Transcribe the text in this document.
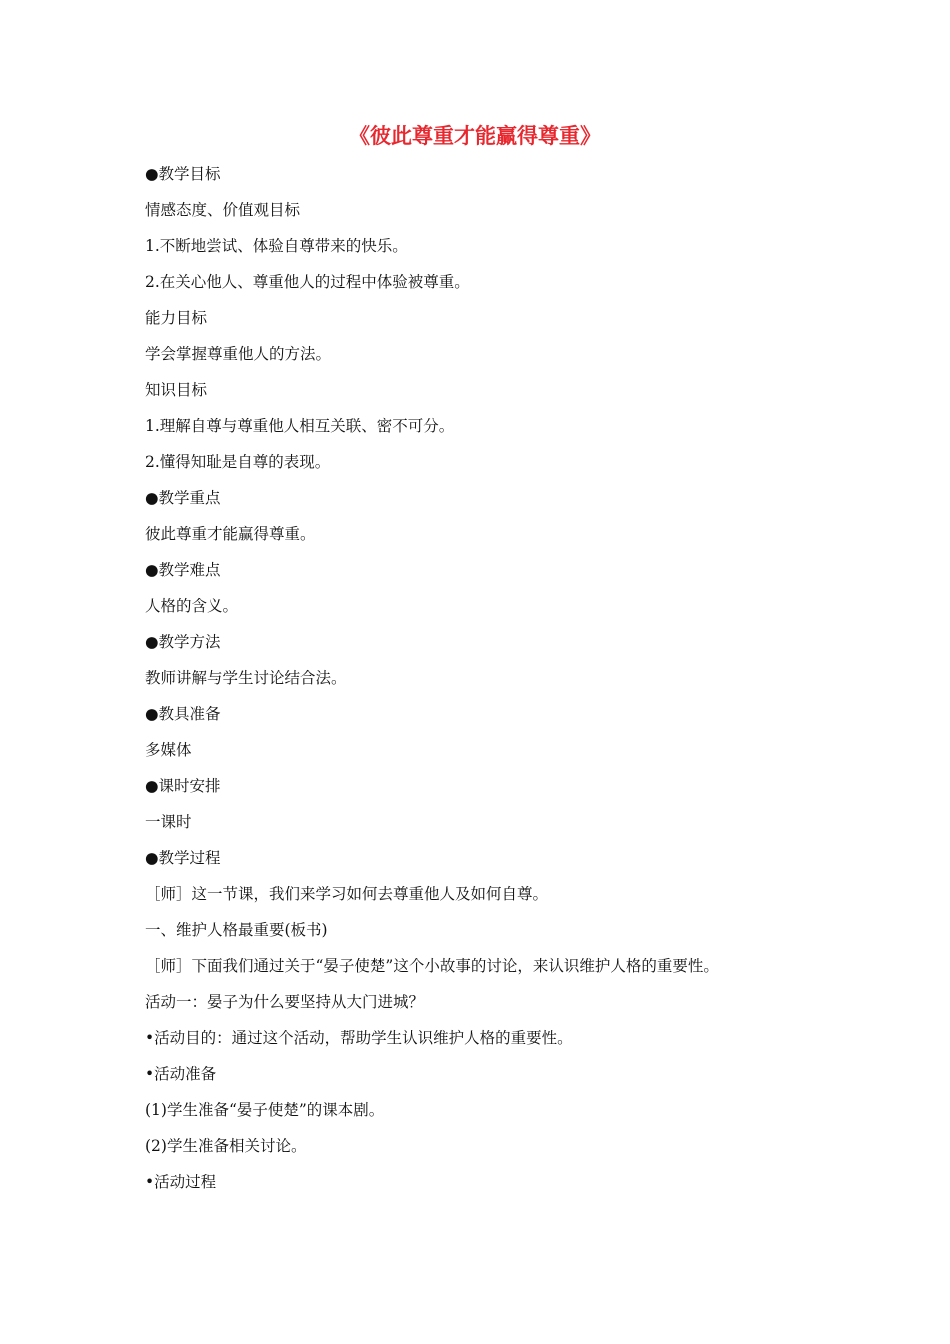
《彼此尊重才能赢得尊重》
●教学目标
情感态度、价值观目标
1.不断地尝试、体验自尊带来的快乐。
2.在关心他人、尊重他人的过程中体验被尊重。
能力目标
学会掌握尊重他人的方法。
知识目标
1.理解自尊与尊重他人相互关联、密不可分。
2.懂得知耻是自尊的表现。
●教学重点
彼此尊重才能赢得尊重。
●教学难点
人格的含义。
●教学方法
教师讲解与学生讨论结合法。
●教具准备
多媒体
●课时安排
一课时
●教学过程
［师］这一节课，我们来学习如何去尊重他人及如何自尊。
一、维护人格最重要(板书)
［师］下面我们通过关于“晏子使楚”这个小故事的讨论，来认识维护人格的重要性。
活动一：晏子为什么要坚持从大门进城？
•活动目的：通过这个活动，帮助学生认识维护人格的重要性。
•活动准备
(1)学生准备“晏子使楚”的课本剧。
(2)学生准备相关讨论。
•活动过程
